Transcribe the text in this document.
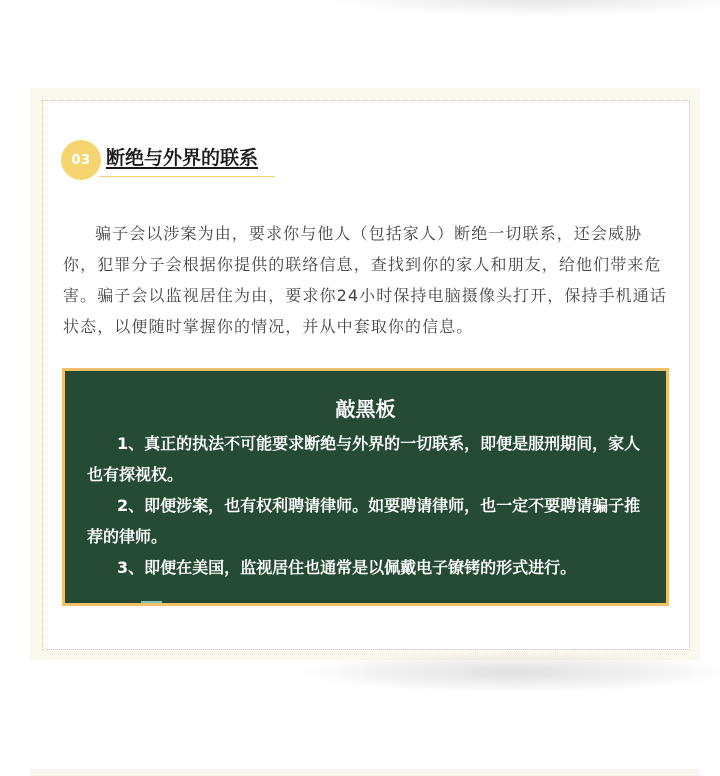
03 断绝与外界的联系
骗子会以涉案为由，要求你与他人（包括家人）断绝一切联系，还会威胁你，犯罪分子会根据你提供的联络信息，查找到你的家人和朋友，给他们带来危害。骗子会以监视居住为由，要求你24小时保持电脑摄像头打开，保持手机通话状态，以便随时掌握你的情况，并从中套取你的信息。
敲黑板
1、真正的执法不可能要求断绝与外界的一切联系，即便是服刑期间，家人也有探视权。
2、即便涉案，也有权利聘请律师。如要聘请律师，也一定不要聘请骗子推荐的律师。
3、即便在美国，监视居住也通常是以佩戴电子镣铐的形式进行。
